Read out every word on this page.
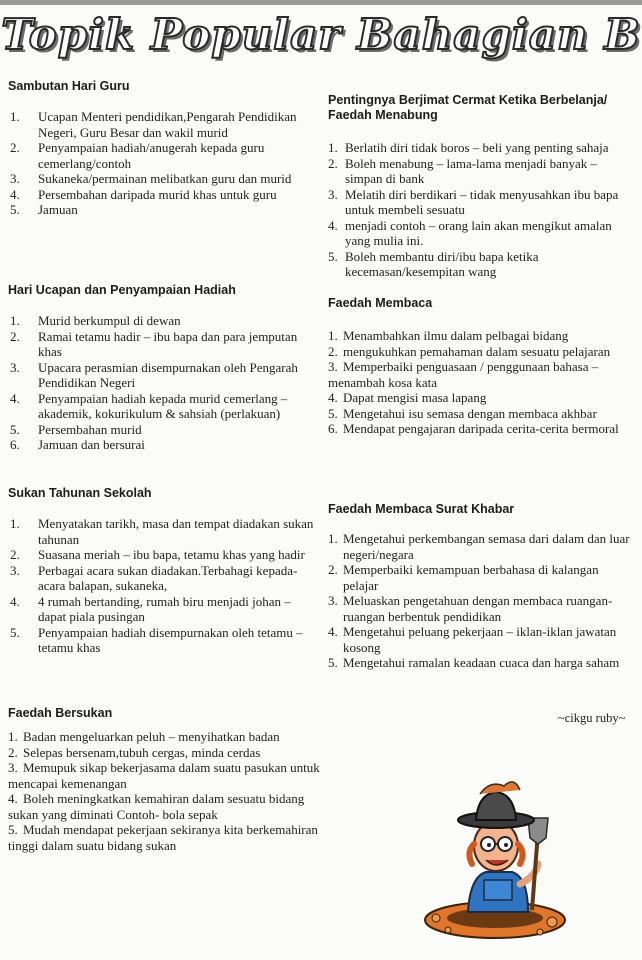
Topik Popular Bahagian B
Sambutan Hari Guru
1. Ucapan Menteri pendidikan,Pengarah Pendidikan Negeri, Guru Besar dan wakil murid
2. Penyampaian hadiah/anugerah kepada guru cemerlang/contoh
3. Sukaneka/permainan melibatkan guru dan murid
4. Persembahan daripada murid khas untuk guru
5. Jamuan
Hari Ucapan dan Penyampaian Hadiah
1. Murid berkumpul di dewan
2. Ramai tetamu hadir – ibu bapa dan para jemputan khas
3. Upacara perasmian disempurnakan oleh Pengarah Pendidikan Negeri
4. Penyampaian hadiah kepada murid cemerlang – akademik, kokurikulum & sahsiah (perlakuan)
5. Persembahan murid
6. Jamuan dan bersurai
Sukan Tahunan Sekolah
1. Menyatakan tarikh, masa dan tempat diadakan sukan tahunan
2. Suasana meriah – ibu bapa, tetamu khas yang hadir
3. Perbagai acara sukan diadakan.Terbahagi kepada- acara balapan, sukaneka,
4. 4 rumah bertanding, rumah biru menjadi johan – dapat piala pusingan
5. Penyampaian hadiah disempurnakan oleh tetamu – tetamu khas
Faedah Bersukan
1. Badan mengeluarkan peluh – menyihatkan badan
2. Selepas bersenam,tubuh cergas, minda cerdas
3. Memupuk sikap bekerjasama dalam suatu pasukan untuk mencapai kemenangan
4. Boleh meningkatkan kemahiran dalam sesuatu bidang sukan yang diminati Contoh- bola sepak
5. Mudah mendapat pekerjaan sekiranya kita berkemahiran tinggi dalam suatu bidang sukan
Pentingnya Berjimat Cermat Ketika Berbelanja/ Faedah Menabung
1. Berlatih diri tidak boros – beli yang penting sahaja
2. Boleh menabung – lama-lama menjadi banyak –simpan di bank
3. Melatih diri berdikari – tidak menyusahkan ibu bapa untuk membeli sesuatu
4. menjadi contoh – orang lain akan mengikut amalan yang mulia ini.
5. Boleh membantu diri/ibu bapa ketika kecemasan/kesempitan wang
Faedah Membaca
1. Menambahkan ilmu dalam pelbagai bidang
2. mengukuhkan pemahaman dalam sesuatu pelajaran
3. Memperbaiki penguasaan / penggunaan bahasa –menambah kosa kata
4. Dapat mengisi masa lapang
5. Mengetahui isu semasa dengan membaca akhbar
6. Mendapat pengajaran daripada cerita-cerita bermoral
Faedah Membaca Surat Khabar
1. Mengetahui perkembangan semasa dari dalam dan luar negeri/negara
2. Memperbaiki kemampuan berbahasa di kalangan pelajar
3. Meluaskan pengetahuan dengan membaca ruangan-ruangan berbentuk pendidikan
4. Mengetahui peluang pekerjaan – iklan-iklan jawatan kosong
5. Mengetahui ramalan keadaan cuaca dan harga saham
~cikgu ruby~
